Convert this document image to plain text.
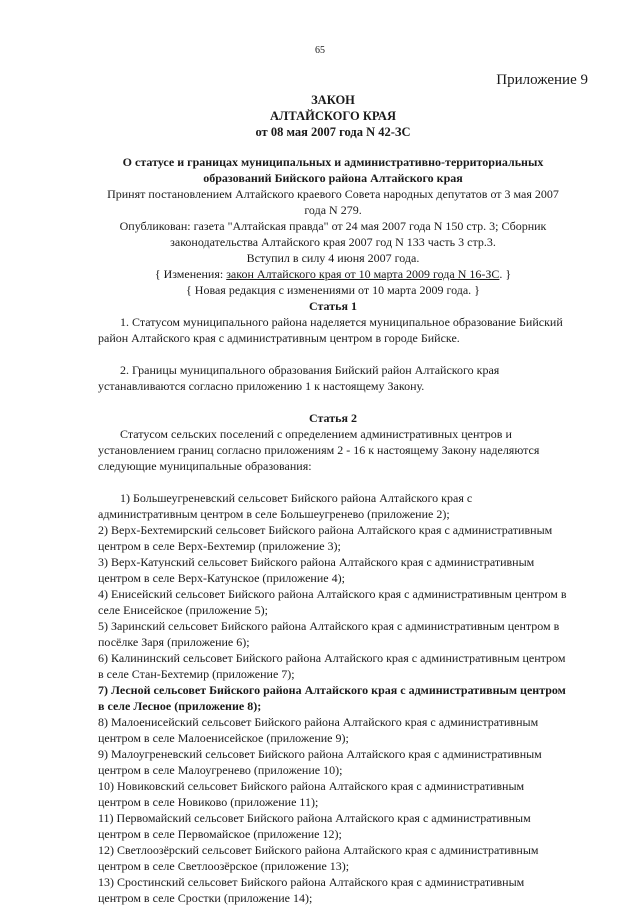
65
Приложение 9
ЗАКОН
АЛТАЙСКОГО КРАЯ
от 08 мая 2007 года N 42-ЗС
О статусе и границах муниципальных и административно-территориальных
образований Бийского района Алтайского края
Принят постановлением Алтайского краевого Совета народных депутатов от 3 мая 2007
года N 279.
Опубликован: газета "Алтайская правда" от 24 мая 2007 года N 150 стр. 3; Сборник
законодательства Алтайского края 2007 год N 133 часть 3 стр.3.
Вступил в силу 4 июня 2007 года.
{ Изменения: закон Алтайского края от 10 марта 2009 года N 16-ЗС. }
{ Новая редакция с изменениями от 10 марта 2009 года. }
Статья 1

1. Статусом муниципального района наделяется муниципальное образование Бийский район Алтайского края с административным центром в городе Бийске.

2. Границы муниципального образования Бийский район Алтайского края устанавливаются согласно приложению 1 к настоящему Закону.

Статья 2

Статусом сельских поселений с определением административных центров и установлением границ согласно приложениям 2 - 16 к настоящему Закону наделяются следующие муниципальные образования:

1) Большеугреневский сельсовет Бийского района Алтайского края с административным центром в селе Большеугренево (приложение 2);

2) Верх-Бехтемирский сельсовет Бийского района Алтайского края с административным центром в селе Верх-Бехтемир (приложение 3);

3) Верх-Катунский сельсовет Бийского района Алтайского края с административным центром в селе Верх-Катунское (приложение 4);

4) Енисейский сельсовет Бийского района Алтайского края с административным центром в селе Енисейское (приложение 5);

5) Заринский сельсовет Бийского района Алтайского края с административным центром в посёлке Заря (приложение 6);

6) Калининский сельсовет Бийского района Алтайского края с административным центром в селе Стан-Бехтемир (приложение 7);

7) Лесной сельсовет Бийского района Алтайского края с административным центром в селе Лесное (приложение 8);

8) Малоенисейский сельсовет Бийского района Алтайского края с административным центром в селе Малоенисейское (приложение 9);

9) Малоугреневский сельсовет Бийского района Алтайского края с административным центром в селе Малоугренево (приложение 10);

10) Новиковский сельсовет Бийского района Алтайского края с административным центром в селе Новиково (приложение 11);

11) Первомайский сельсовет Бийского района Алтайского края с административным центром в селе Первомайское (приложение 12);

12) Светлоозёрский сельсовет Бийского района Алтайского края с административным центром в селе Светлоозёрское (приложение 13);

13) Сростинский сельсовет Бийского района Алтайского края с административным центром в селе Сростки (приложение 14);
